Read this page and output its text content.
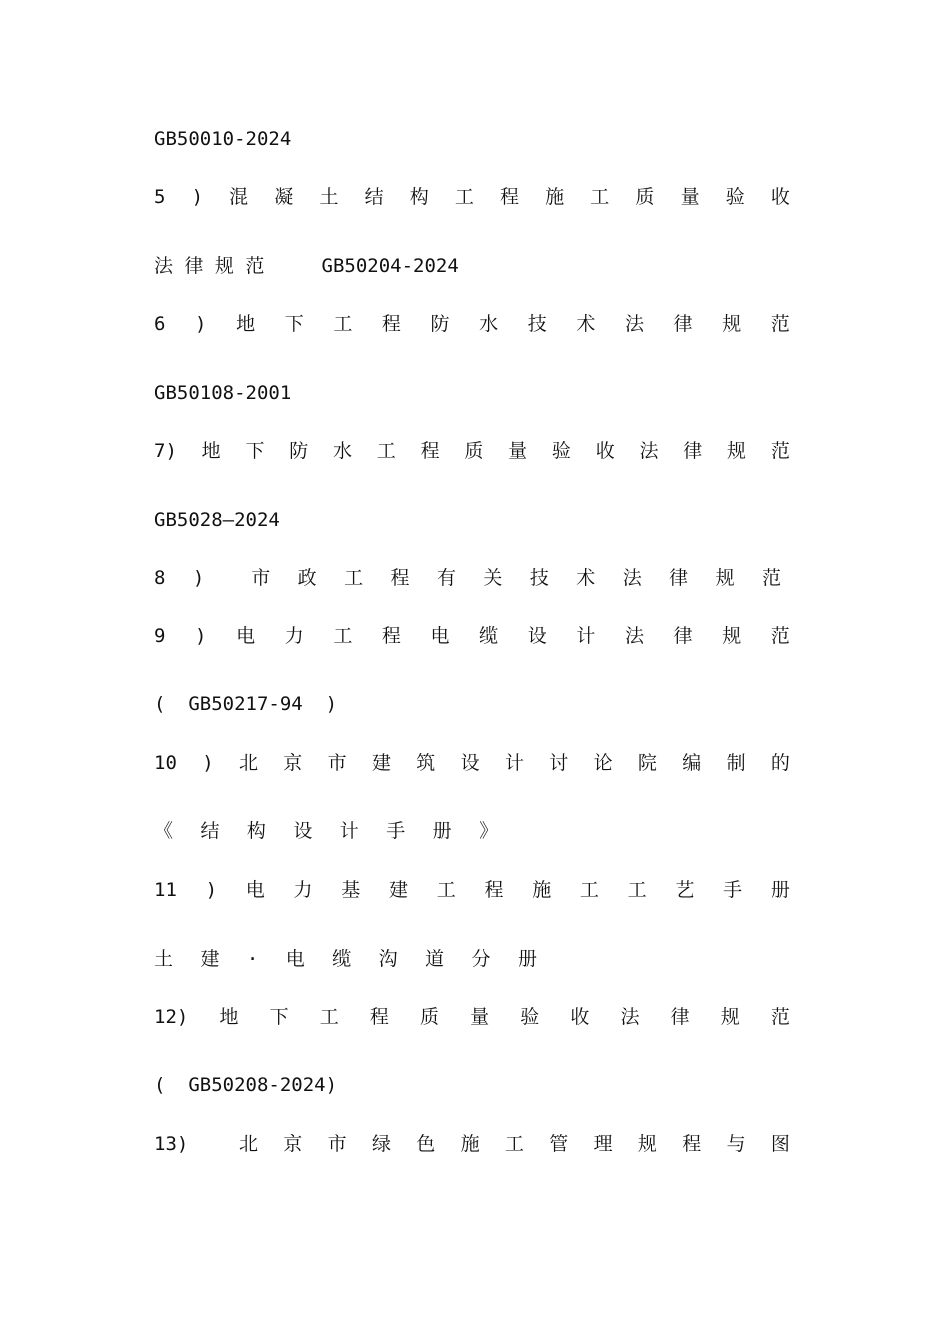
GB50010-2024
5 ) 混 凝 土 结 构 工 程 施 工 质 量 验 收
法 律 规 范     GB50204-2024
6 ) 地 下 工 程 防 水 技 术 法 律 规 范
GB50108-2001
7) 地 下 防 水 工 程 质 量 验 收 法 律 规 范
GB5028—2024
8 )  市 政 工 程 有 关 技 术 法 律 规 范
9 ) 电 力 工 程 电 缆 设 计 法 律 规 范
(  GB50217-94  )
10 ) 北 京 市 建 筑 设 计 讨 论 院 编 制 的
《 结 构 设 计 手 册 》
11 ) 电 力 基 建 工 程 施 工 工 艺 手 册
土 建 · 电 缆 沟 道 分 册
12) 地 下 工 程 质 量 验 收 法 律 规 范
(  GB50208-2024)
13)	北 京 市 绿 色 施 工 管 理 规 程 与 图
